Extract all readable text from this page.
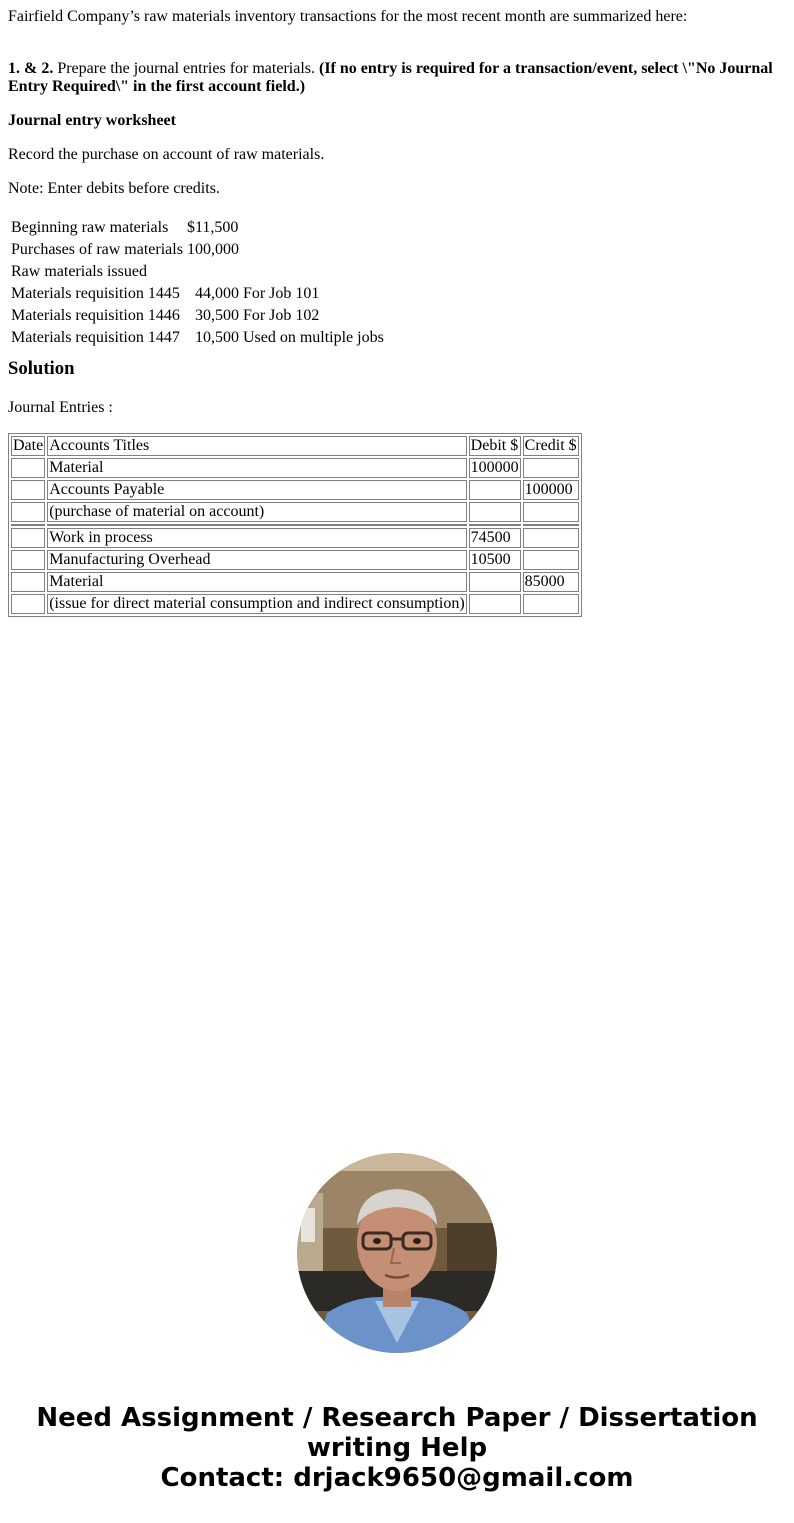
Fairfield Company’s raw materials inventory transactions for the most recent month are summarized here:

1. & 2. Prepare the journal entries for materials. (If no entry is required for a transaction/event, select \"No Journal Entry Required\" in the first account field.)

Journal entry worksheet

Record the purchase on account of raw materials.

Note: Enter debits before credits.

Beginning raw materials	$11,500	
Purchases of raw materials	100,000	
Raw materials issued		
Materials requisition 1445	44,000	For Job 101
Materials requisition 1446	30,500	For Job 102
Materials requisition 1447	10,500	Used on multiple jobs
Solution

Journal Entries :

Date	Accounts Titles	Debit $	Credit $
	Material	100000	
	Accounts Payable		100000
	(purchase of material on account)		

	Work in process	74500	
	Manufacturing Overhead	10500	
	Material		85000
	(issue for direct material consumption and indirect consumption)		
Need Assignment / Research Paper / Dissertation
writing Help
Contact: drjack9650@gmail.com
